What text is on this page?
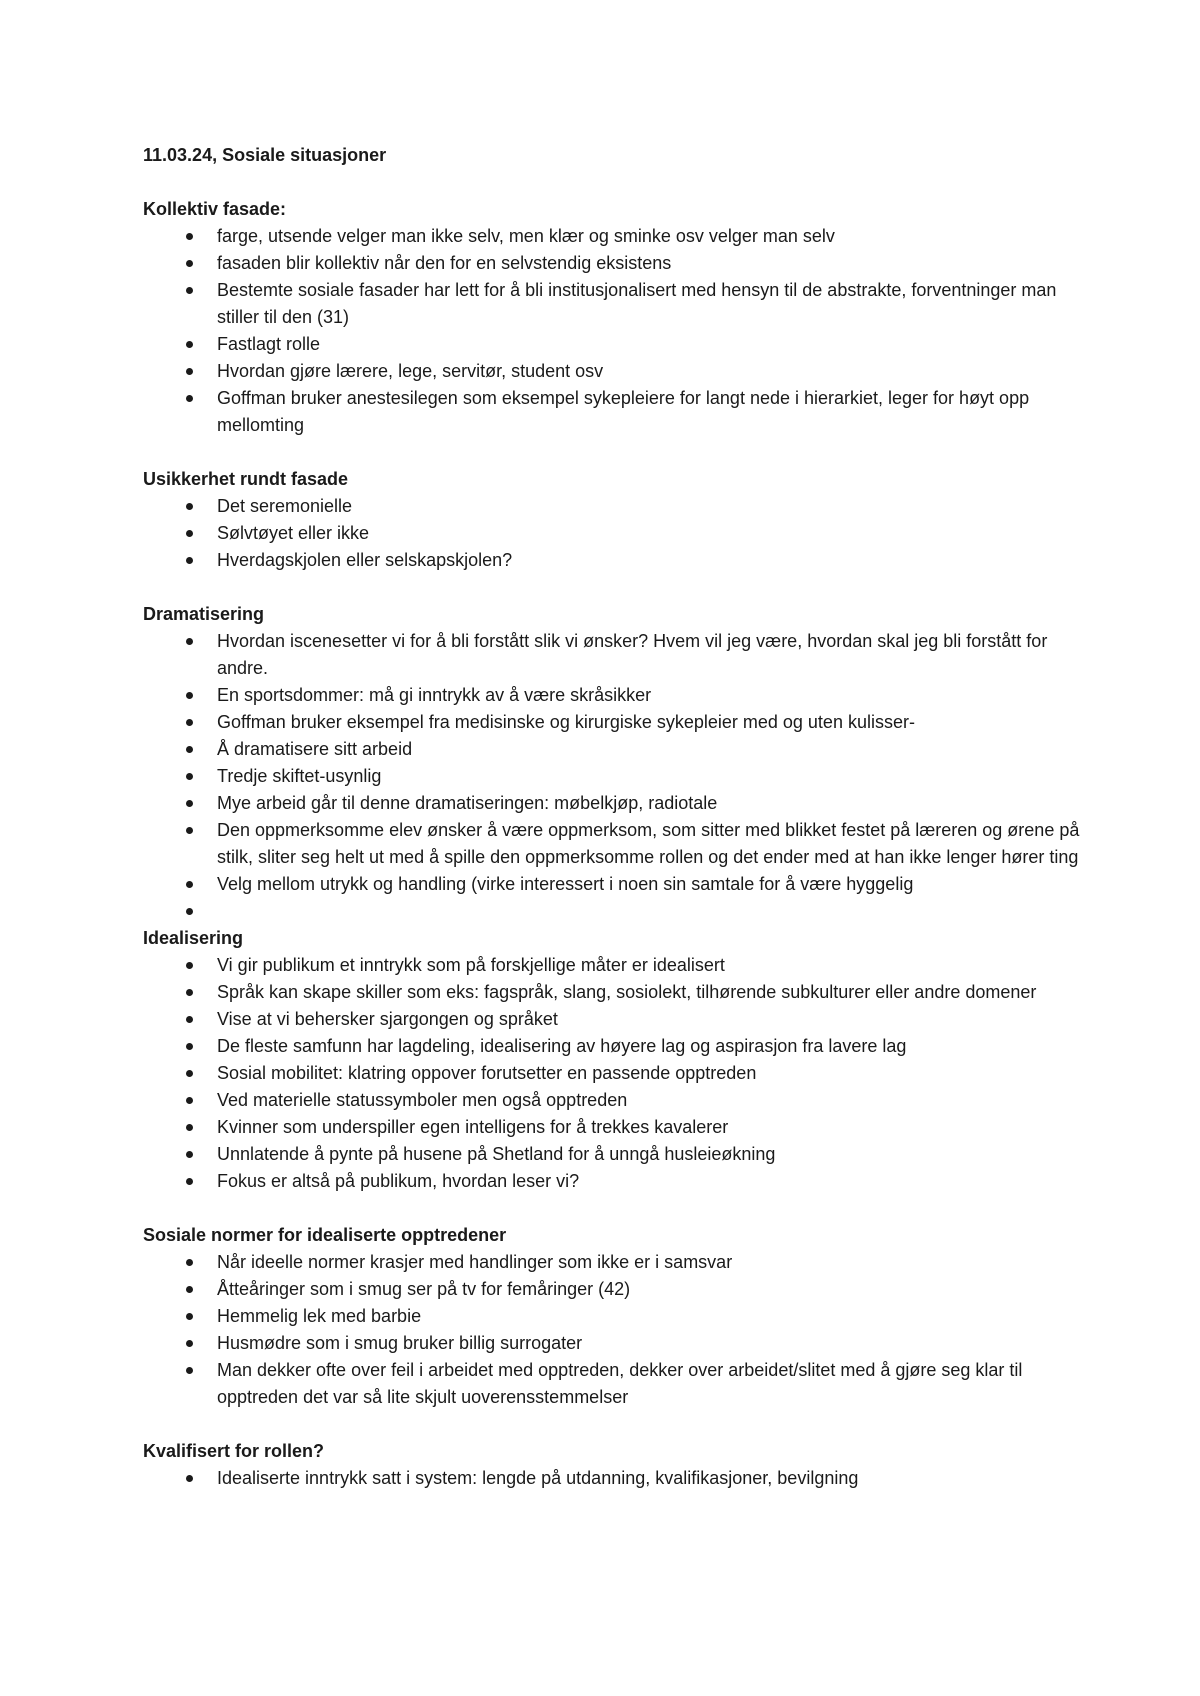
11.03.24, Sosiale situasjoner
Kollektiv fasade:
farge, utsende velger man ikke selv, men klær og sminke osv velger man selv
fasaden blir kollektiv når den for en selvstendig eksistens
Bestemte sosiale fasader har lett for å bli institusjonalisert med hensyn til de abstrakte, forventninger man stiller til den (31)
Fastlagt rolle
Hvordan gjøre lærere, lege, servitør, student osv
Goffman bruker anestesilegen som eksempel sykepleiere for langt nede i hierarkiet, leger for høyt opp mellomting
Usikkerhet rundt fasade
Det seremonielle
Sølvtøyet eller ikke
Hverdagskjolen eller selskapskjolen?
Dramatisering
Hvordan iscenesetter vi for å bli forstått slik vi ønsker? Hvem vil jeg være, hvordan skal jeg bli forstått for andre.
En sportsdommer: må gi inntrykk av å være skråsikker
Goffman bruker eksempel fra medisinske og kirurgiske sykepleier med og uten kulisser-
Å dramatisere sitt arbeid
Tredje skiftet-usynlig
Mye arbeid går til denne dramatiseringen: møbelkjøp, radiotale
Den oppmerksomme elev ønsker å være oppmerksom, som sitter med blikket festet på læreren og ørene på stilk, sliter seg helt ut med å spille den oppmerksomme rollen og det ender med at han ikke lenger hører ting
Velg mellom utrykk og handling (virke interessert i noen sin samtale for å være hyggelig
Idealisering
Vi gir publikum et inntrykk som på forskjellige måter er idealisert
Språk kan skape skiller som eks: fagspråk, slang, sosiolekt, tilhørende subkulturer eller andre domener
Vise at vi behersker sjargongen og språket
De fleste samfunn har lagdeling, idealisering av høyere lag og aspirasjon fra lavere lag
Sosial mobilitet: klatring oppover forutsetter en passende opptreden
Ved materielle statussymboler men også opptreden
Kvinner som underspiller egen intelligens for å trekkes kavalerer
Unnlatende å pynte på husene på Shetland for å unngå husleieøkning
Fokus er altså på publikum, hvordan leser vi?
Sosiale normer for idealiserte opptredener
Når ideelle normer krasjer med handlinger som ikke er i samsvar
Åtteåringer som i smug ser på tv for femåringer (42)
Hemmelig lek med barbie
Husmødre som i smug bruker billig surrogater
Man dekker ofte over feil i arbeidet med opptreden, dekker over arbeidet/slitet med å gjøre seg klar til opptreden det var så lite skjult uoverensstemmelser
Kvalifisert for rollen?
Idealiserte inntrykk satt i system: lengde på utdanning, kvalifikasjoner, bevilgning
